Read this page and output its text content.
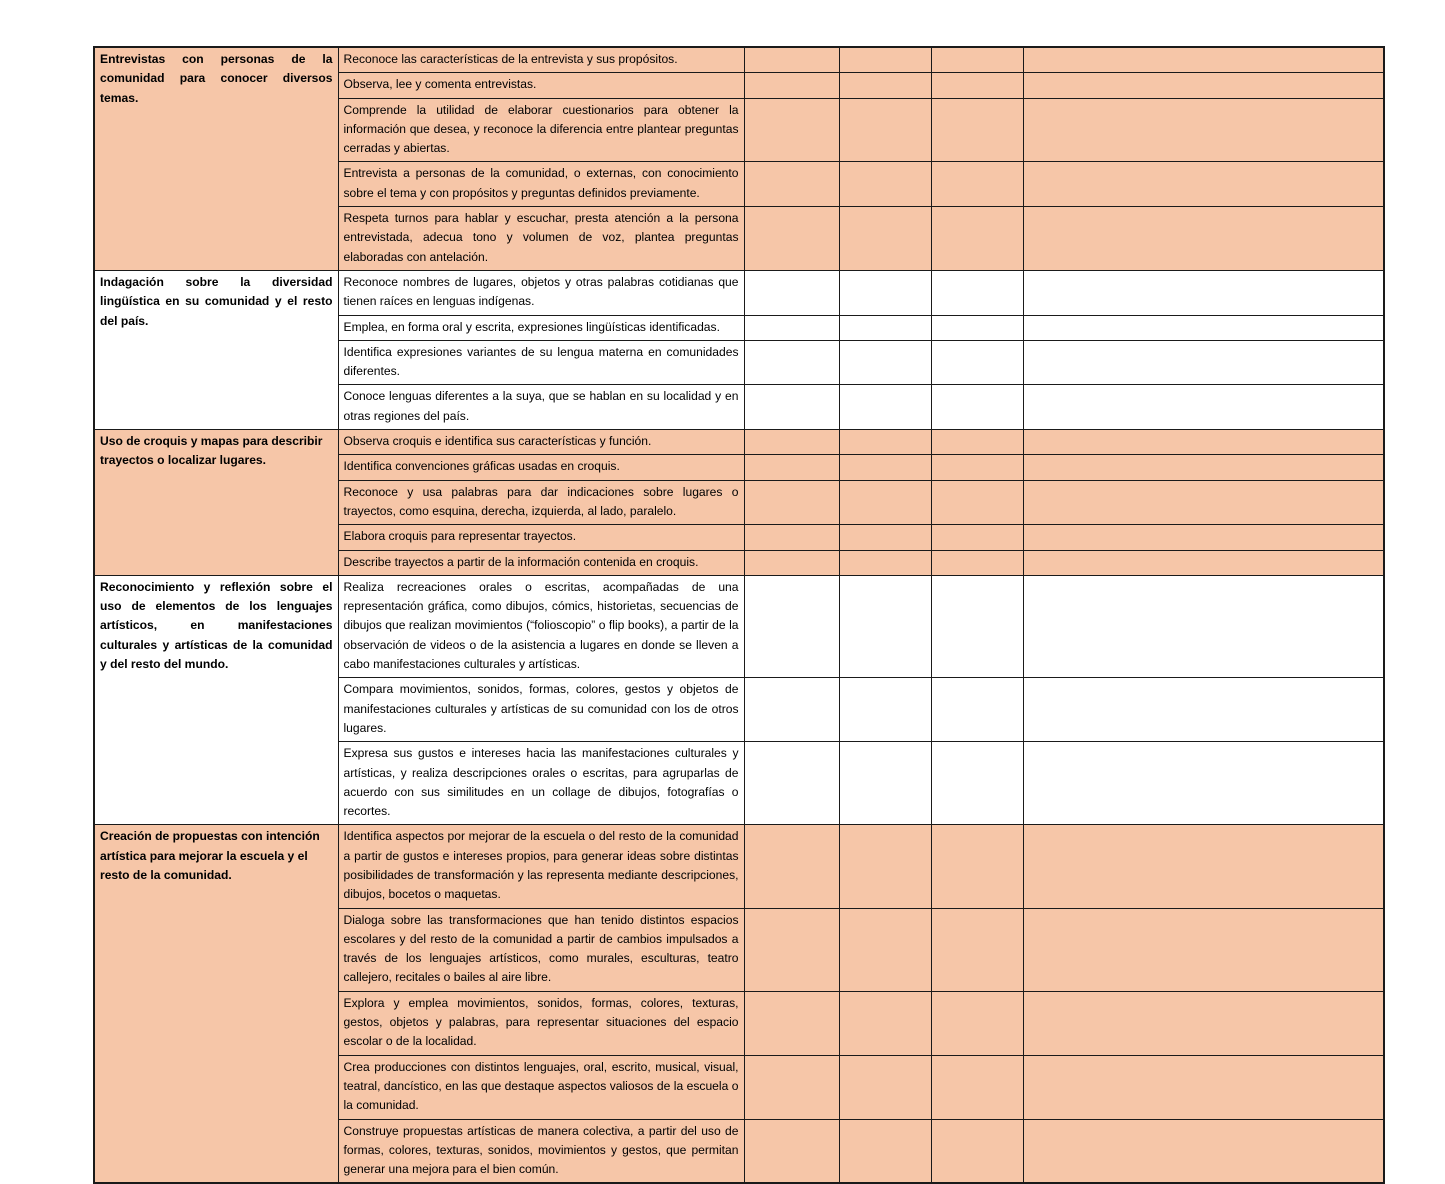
Entrevistas con personas de la comunidad para conocer diversos temas.	Reconoce las características de la entrevista y sus propósitos.				
	Observa, lee y comenta entrevistas.				
	Comprende la utilidad de elaborar cuestionarios para obtener la información que desea, y reconoce la diferencia entre plantear preguntas cerradas y abiertas.				
	Entrevista a personas de la comunidad, o externas, con conocimiento sobre el tema y con propósitos y preguntas definidos previamente.				
	Respeta turnos para hablar y escuchar, presta atención a la persona entrevistada, adecua tono y volumen de voz, plantea preguntas elaboradas con antelación.				
Indagación sobre la diversidad lingüística en su comunidad y el resto del país.	Reconoce nombres de lugares, objetos y otras palabras cotidianas que tienen raíces en lenguas indígenas.				
	Emplea, en forma oral y escrita, expresiones lingüísticas identificadas.				
	Identifica expresiones variantes de su lengua materna en comunidades diferentes.				
	Conoce lenguas diferentes a la suya, que se hablan en su localidad y en otras regiones del país.				
Uso de croquis y mapas para describir trayectos o localizar lugares.	Observa croquis e identifica sus características y función.				
	Identifica convenciones gráficas usadas en croquis.				
	Reconoce y usa palabras para dar indicaciones sobre lugares o trayectos, como esquina, derecha, izquierda, al lado, paralelo.				
	Elabora croquis para representar trayectos.				
	Describe trayectos a partir de la información contenida en croquis.				
Reconocimiento y reflexión sobre el uso de elementos de los lenguajes artísticos, en manifestaciones culturales y artísticas de la comunidad y del resto del mundo.	Realiza recreaciones orales o escritas, acompañadas de una representación gráfica, como dibujos, cómics, historietas, secuencias de dibujos que realizan movimientos (“folioscopio” o flip books), a partir de la observación de videos o de la asistencia a lugares en donde se lleven a cabo manifestaciones culturales y artísticas.				
	Compara movimientos, sonidos, formas, colores, gestos y objetos de manifestaciones culturales y artísticas de su comunidad con los de otros lugares.				
	Expresa sus gustos e intereses hacia las manifestaciones culturales y artísticas, y realiza descripciones orales o escritas, para agruparlas de acuerdo con sus similitudes en un collage de dibujos, fotografías o recortes.				
Creación de propuestas con intención artística para mejorar la escuela y el resto de la comunidad.	Identifica aspectos por mejorar de la escuela o del resto de la comunidad a partir de gustos e intereses propios, para generar ideas sobre distintas posibilidades de transformación y las representa mediante descripciones, dibujos, bocetos o maquetas.				
	Dialoga sobre las transformaciones que han tenido distintos espacios escolares y del resto de la comunidad a partir de cambios impulsados a través de los lenguajes artísticos, como murales, esculturas, teatro callejero, recitales o bailes al aire libre.				
	Explora y emplea movimientos, sonidos, formas, colores, texturas, gestos, objetos y palabras, para representar situaciones del espacio escolar o de la localidad.				
	Crea producciones con distintos lenguajes, oral, escrito, musical, visual, teatral, dancístico, en las que destaque aspectos valiosos de la escuela o la comunidad.				
	Construye propuestas artísticas de manera colectiva, a partir del uso de formas, colores, texturas, sonidos, movimientos y gestos, que permitan generar una mejora para el bien común.				
